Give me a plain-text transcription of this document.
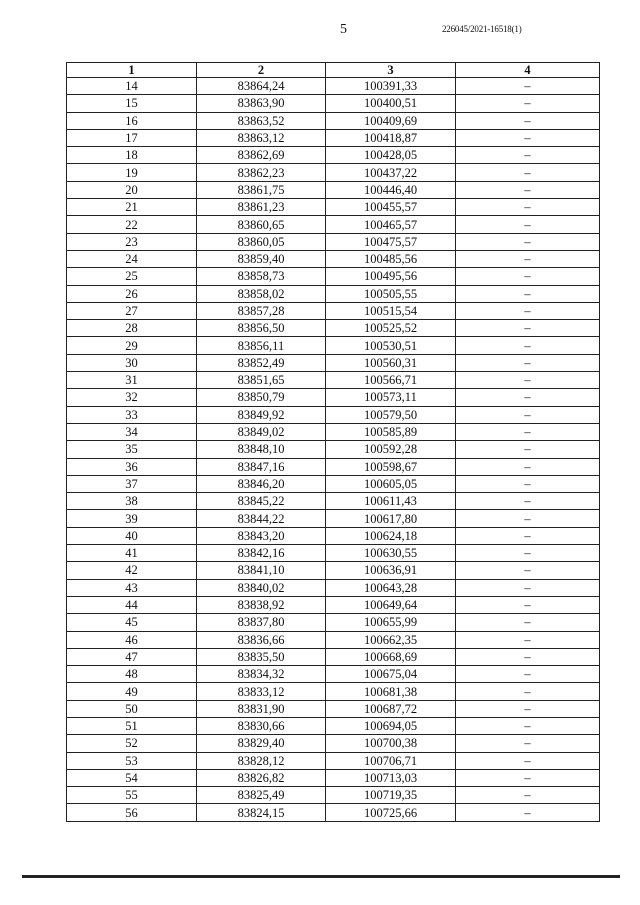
5	226045/2021-16518(1)
1	2	3	4
14	83864,24	100391,33	–
15	83863,90	100400,51	–
16	83863,52	100409,69	–
17	83863,12	100418,87	–
18	83862,69	100428,05	–
19	83862,23	100437,22	–
20	83861,75	100446,40	–
21	83861,23	100455,57	–
22	83860,65	100465,57	–
23	83860,05	100475,57	–
24	83859,40	100485,56	–
25	83858,73	100495,56	–
26	83858,02	100505,55	–
27	83857,28	100515,54	–
28	83856,50	100525,52	–
29	83856,11	100530,51	–
30	83852,49	100560,31	–
31	83851,65	100566,71	–
32	83850,79	100573,11	–
33	83849,92	100579,50	–
34	83849,02	100585,89	–
35	83848,10	100592,28	–
36	83847,16	100598,67	–
37	83846,20	100605,05	–
38	83845,22	100611,43	–
39	83844,22	100617,80	–
40	83843,20	100624,18	–
41	83842,16	100630,55	–
42	83841,10	100636,91	–
43	83840,02	100643,28	–
44	83838,92	100649,64	–
45	83837,80	100655,99	–
46	83836,66	100662,35	–
47	83835,50	100668,69	–
48	83834,32	100675,04	–
49	83833,12	100681,38	–
50	83831,90	100687,72	–
51	83830,66	100694,05	–
52	83829,40	100700,38	–
53	83828,12	100706,71	–
54	83826,82	100713,03	–
55	83825,49	100719,35	–
56	83824,15	100725,66	–
